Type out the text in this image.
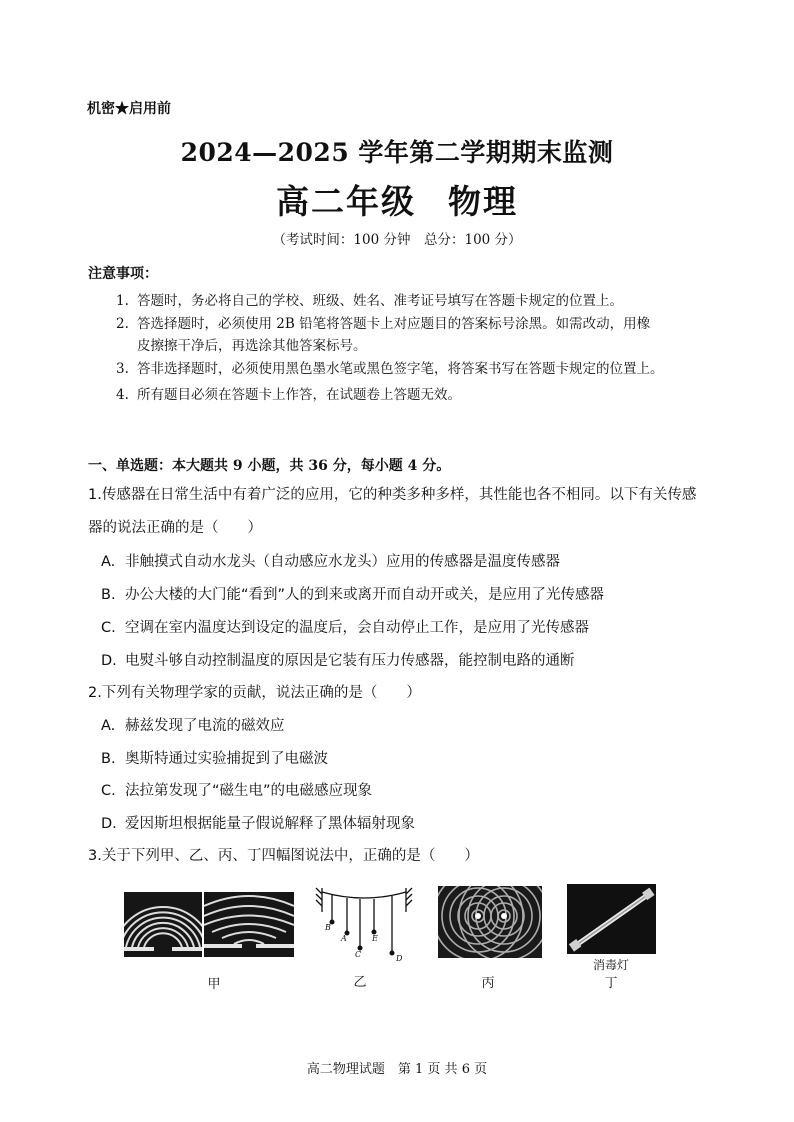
机密★启用前
2024—2025 学年第二学期期末监测
高二年级 物理
（考试时间：100 分钟　总分：100 分）
注意事项：
1. 答题时，务必将自己的学校、班级、姓名、准考证号填写在答题卡规定的位置上。
2. 答选择题时，必须使用 2B 铅笔将答题卡上对应题目的答案标号涂黑。如需改动，用橡
皮擦擦干净后，再选涂其他答案标号。
3. 答非选择题时，必须使用黑色墨水笔或黑色签字笔，将答案书写在答题卡规定的位置上。
4. 所有题目必须在答题卡上作答，在试题卷上答题无效。
一、单选题：本大题共 9 小题，共 36 分，每小题 4 分。
1.传感器在日常生活中有着广泛的应用，它的种类多种多样，其性能也各不相同。以下有关传感
器的说法正确的是（　　）
A. 非触摸式自动水龙头（自动感应水龙头）应用的传感器是温度传感器
B. 办公大楼的大门能“看到”人的到来或离开而自动开或关，是应用了光传感器
C. 空调在室内温度达到设定的温度后，会自动停止工作，是应用了光传感器
D. 电熨斗够自动控制温度的原因是它装有压力传感器，能控制电路的通断
2.下列有关物理学家的贡献，说法正确的是（　　）
A. 赫兹发现了电流的磁效应
B. 奥斯特通过实验捕捉到了电磁波
C. 法拉第发现了“磁生电”的电磁感应现象
D. 爱因斯坦根据能量子假说解释了黑体辐射现象
3.关于下列甲、乙、丙、丁四幅图说法中，正确的是（　　）
甲
B
A
C
E
D
乙	丙
消毒灯
丁
高二物理试题　第 1 页 共 6 页
